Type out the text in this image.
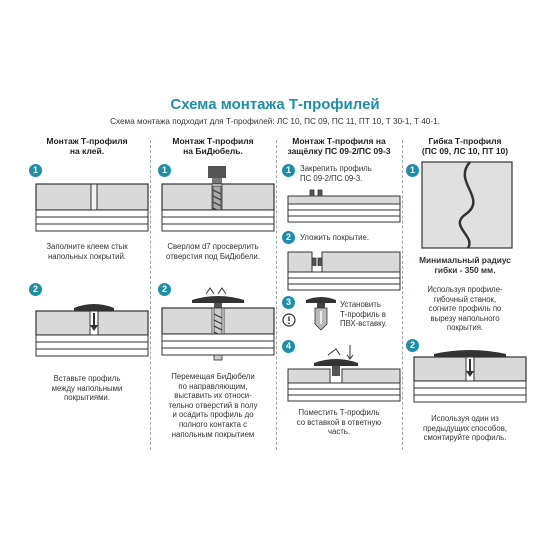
Схема монтажа Т-профилей
Схема монтажа подходит для Т-профилей: ЛС 10, ПС 09, ПС 11, ПТ 10, Т 30-1, Т 40-1.
Монтаж Т-профиля
на клей.
1
Заполните клеем стык
напольных покрытий.
2
Вставьте профиль
между напольными
покрытиями.
Монтаж Т-профиля
на БиДюбель.
1
Сверлом d7 просверлить
отверстия под БиДюбели.
2
Перемещая БиДюбели
по направляющим,
выставить их относи-
тельно отверстий в полу
и осадить профиль до
полного контакта с
напольным покрытием
Монтаж Т-профиля на
защёлку ПС 09-2/ПС 09-3
1	Закрепить профиль
ПС 09-2/ПС 09-3.
2	Уложить покрытие.
3	Установить
Т-профиль в
ПВХ-вставку.
4
Поместить Т-профиль
со вставкой в ответную
часть.
Гибка Т-профиля
(ПС 09, ЛС 10, ПТ 10)
1
Минимальный радиус
гибки - 350 мм.
Используя профиле-
гибочный станок,
согните профиль по
вырезу напольного
покрытия.
2
Используя один из
предыдущих способов,
смонтируйте профиль.
